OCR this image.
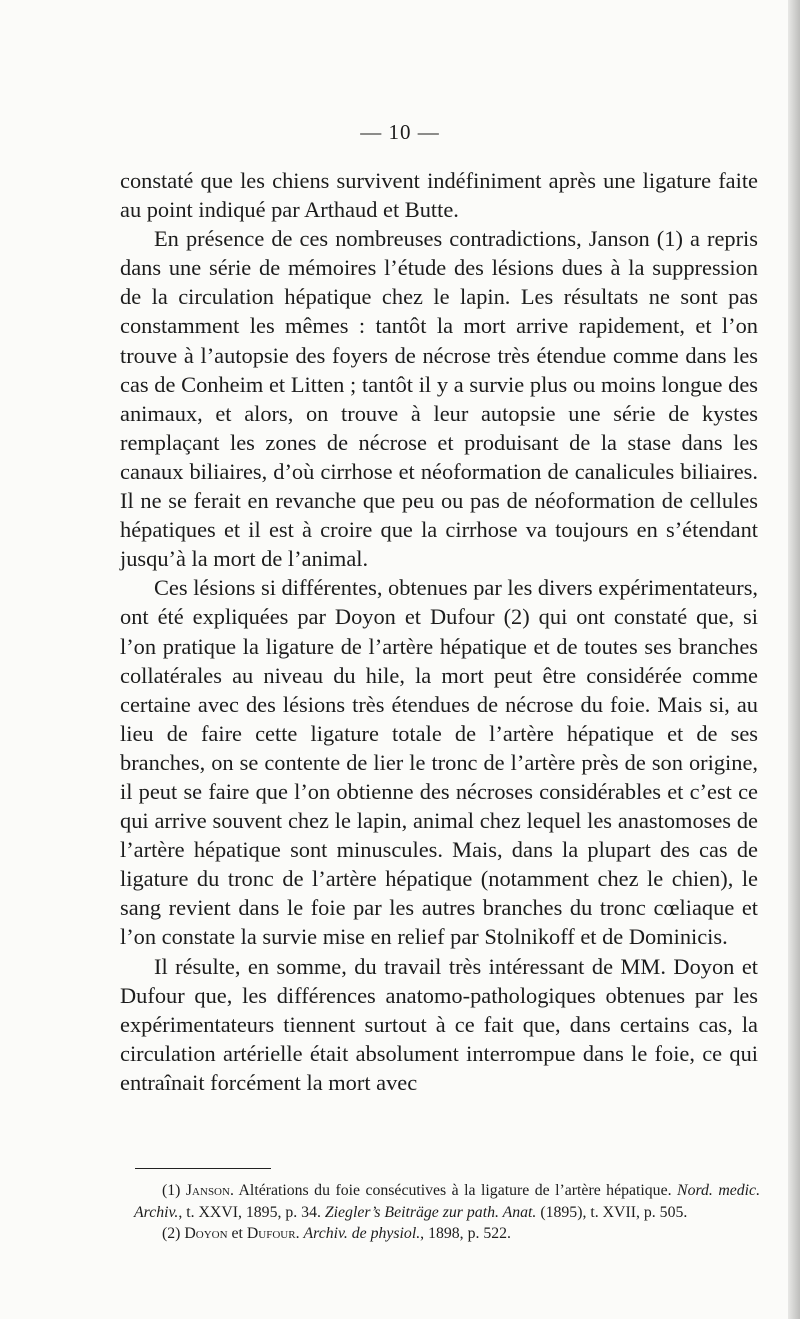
— 10 —

constaté que les chiens survivent indéfiniment après une ligature faite au point indiqué par Arthaud et Butte.

En présence de ces nombreuses contradictions, Janson (1) a repris dans une série de mémoires l’étude des lésions dues à la suppression de la circulation hépatique chez le lapin. Les résultats ne sont pas constamment les mêmes : tantôt la mort arrive rapidement, et l’on trouve à l’autopsie des foyers de nécrose très étendue comme dans les cas de Conheim et Litten ; tantôt il y a survie plus ou moins longue des animaux, et alors, on trouve à leur autopsie une série de kystes remplaçant les zones de nécrose et produisant de la stase dans les canaux biliaires, d’où cirrhose et néoformation de canalicules biliaires. Il ne se ferait en revanche que peu ou pas de néoformation de cellules hépatiques et il est à croire que la cirrhose va toujours en s’étendant jusqu’à la mort de l’animal.

Ces lésions si différentes, obtenues par les divers expérimentateurs, ont été expliquées par Doyon et Dufour (2) qui ont constaté que, si l’on pratique la ligature de l’artère hépatique et de toutes ses branches collatérales au niveau du hile, la mort peut être considérée comme certaine avec des lésions très étendues de nécrose du foie. Mais si, au lieu de faire cette ligature totale de l’artère hépatique et de ses branches, on se contente de lier le tronc de l’artère près de son origine, il peut se faire que l’on obtienne des nécroses considérables et c’est ce qui arrive souvent chez le lapin, animal chez lequel les anastomoses de l’artère hépatique sont minuscules. Mais, dans la plupart des cas de ligature du tronc de l’artère hépatique (notamment chez le chien), le sang revient dans le foie par les autres branches du tronc cœliaque et l’on constate la survie mise en relief par Stolnikoff et de Dominicis.

Il résulte, en somme, du travail très intéressant de MM. Doyon et Dufour que, les différences anatomo-pathologiques obtenues par les expérimentateurs tiennent surtout à ce fait que, dans certains cas, la circulation artérielle était absolument interrompue dans le foie, ce qui entraînait forcément la mort avec

(1) Janson. Altérations du foie consécutives à la ligature de l’artère hépatique. Nord. medic. Archiv., t. XXVI, 1895, p. 34. Ziegler’s Beiträge zur path. Anat. (1895), t. XVII, p. 505.

(2) Doyon et Dufour. Archiv. de physiol., 1898, p. 522.
